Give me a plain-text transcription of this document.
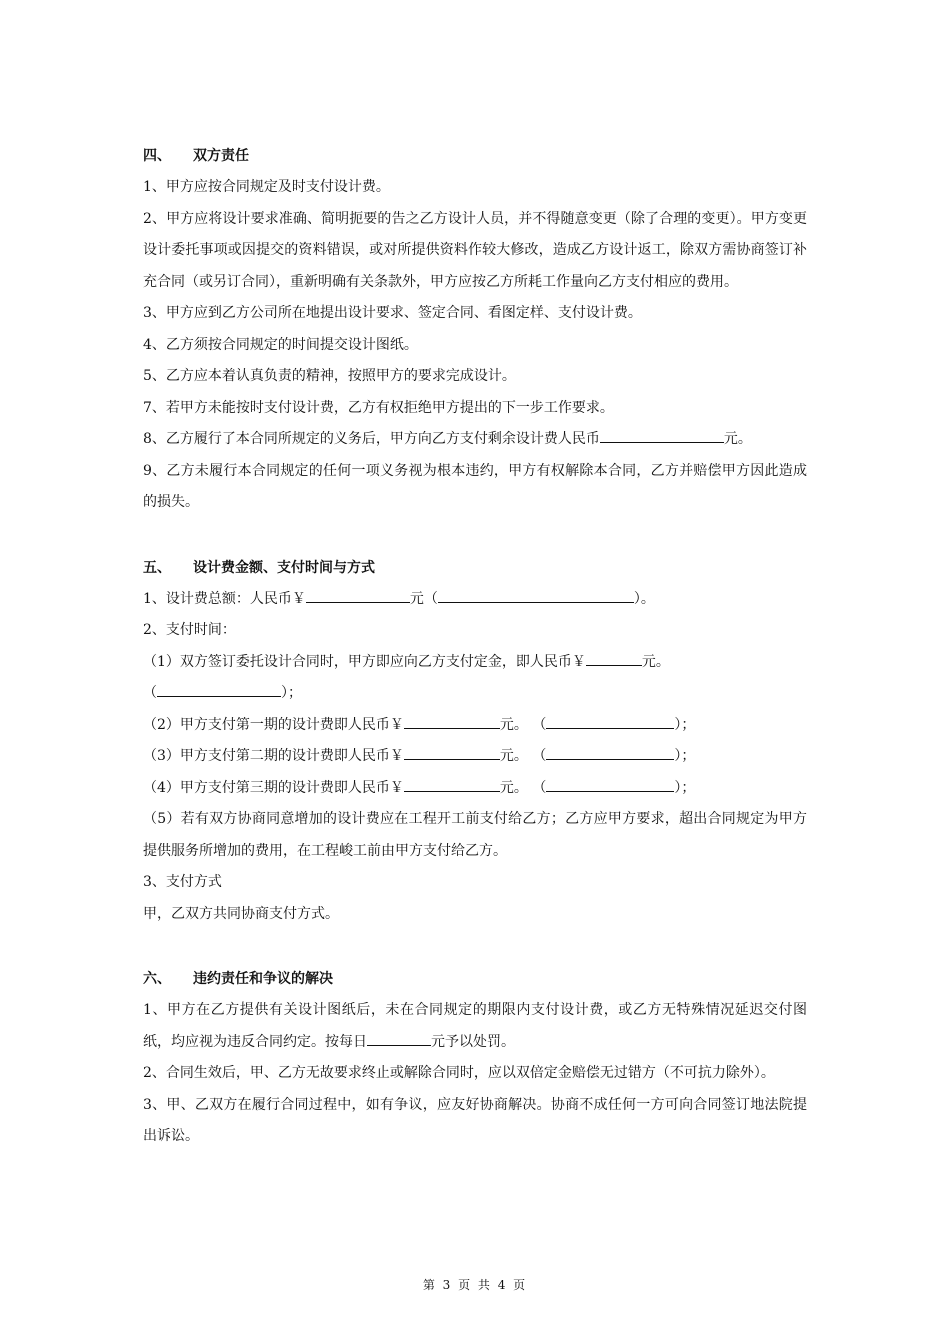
四、 双方责任
1、甲方应按合同规定及时支付设计费。
2、甲方应将设计要求准确、简明扼要的告之乙方设计人员，并不得随意变更（除了合理的变更）。甲方变更设计委托事项或因提交的资料错误，或对所提供资料作较大修改，造成乙方设计返工，除双方需协商签订补充合同（或另订合同），重新明确有关条款外，甲方应按乙方所耗工作量向乙方支付相应的费用。
3、甲方应到乙方公司所在地提出设计要求、签定合同、看图定样、支付设计费。
4、乙方须按合同规定的时间提交设计图纸。
5、乙方应本着认真负责的精神，按照甲方的要求完成设计。
7、若甲方未能按时支付设计费，乙方有权拒绝甲方提出的下一步工作要求。
8、乙方履行了本合同所规定的义务后，甲方向乙方支付剩余设计费人民币	元。
9、乙方未履行本合同规定的任何一项义务视为根本违约，甲方有权解除本合同，乙方并赔偿甲方因此造成的损失。
五、 设计费金额、支付时间与方式
1、设计费总额：人民币￥	元（	）。
2、支付时间：
（1）双方签订委托设计合同时，甲方即应向乙方支付定金，即人民币￥	元。
（	）；
（2）甲方支付第一期的设计费即人民币￥	元。 （	）；
（3）甲方支付第二期的设计费即人民币￥	元。 （	）；
（4）甲方支付第三期的设计费即人民币￥	元。 （	）；
（5）若有双方协商同意增加的设计费应在工程开工前支付给乙方；乙方应甲方要求，超出合同规定为甲方提供服务所增加的费用，在工程峻工前由甲方支付给乙方。
3、支付方式
甲，乙双方共同协商支付方式。
六、 违约责任和争议的解决
1、甲方在乙方提供有关设计图纸后，未在合同规定的期限内支付设计费，或乙方无特殊情况延迟交付图纸，均应视为违反合同约定。按每日	元予以处罚。
2、合同生效后，甲、乙方无故要求终止或解除合同时，应以双倍定金赔偿无过错方（不可抗力除外）。
3、甲、乙双方在履行合同过程中，如有争议，应友好协商解决。协商不成任何一方可向合同签订地法院提出诉讼。
第 3 页 共 4 页
